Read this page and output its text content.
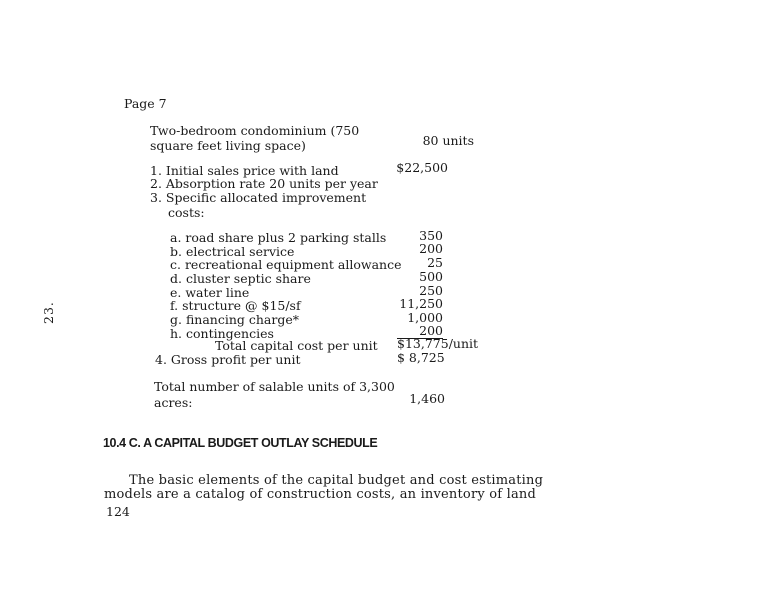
Page 7
23.
Two-bedroom condominium (750
square feet living space)	80 units
1. Initial sales price with land	$22,500
2. Absorption rate 20 units per year
3. Specific allocated improvement
costs:
a. road share plus 2 parking stalls	350
b. electrical service	200
c. recreational equipment allowance	25
d. cluster septic share	500
e. water line	250
f. structure @ $15/sf	11,250
g. financing charge*	1,000
h. contingencies	200
Total capital cost per unit $13,775/unit
4. Gross profit per unit	$ 8,725
Total number of salable units of 3,300
acres:	1,460
10.4 C. A CAPITAL BUDGET OUTLAY SCHEDULE
The basic elements of the capital budget and cost estimating
models are a catalog of construction costs, an inventory of land
124
